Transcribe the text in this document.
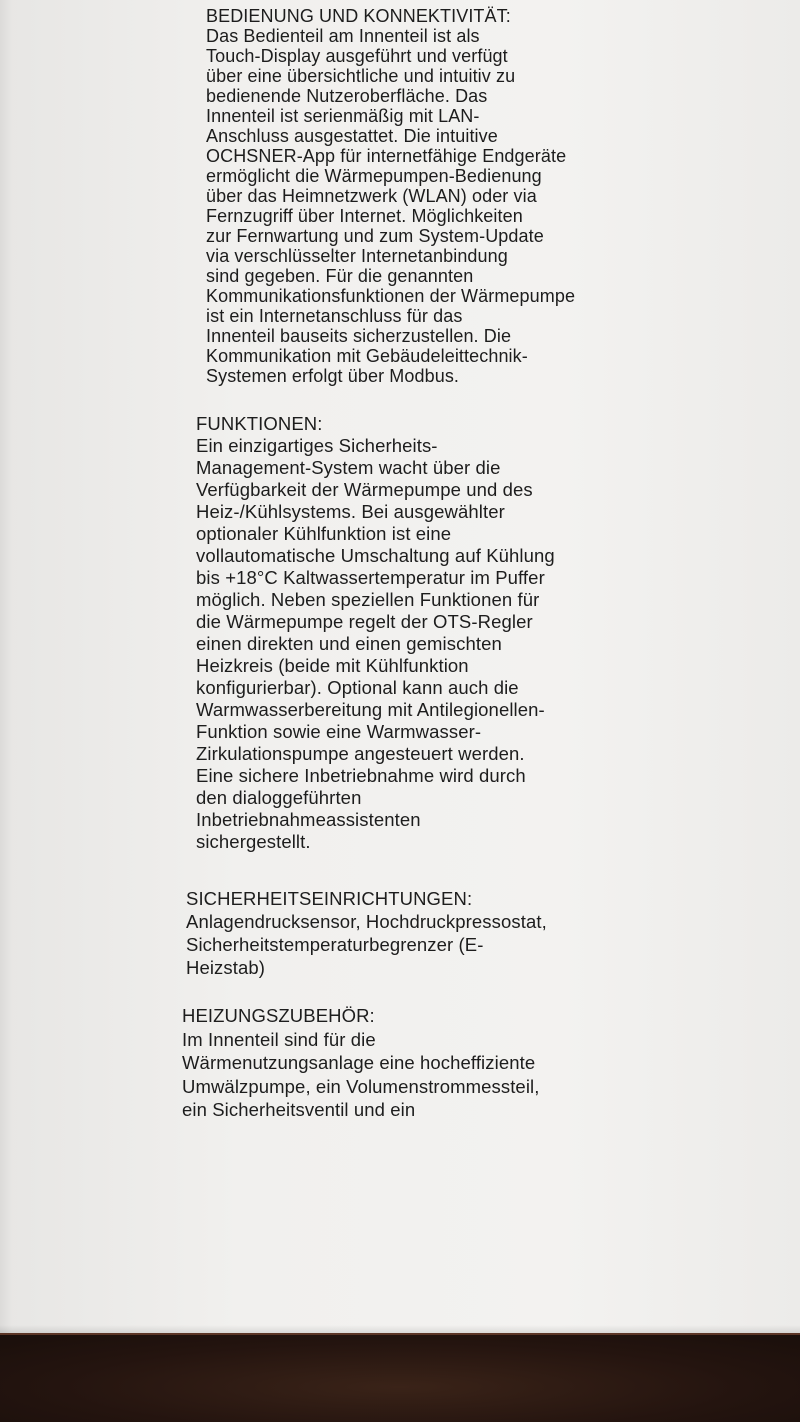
BEDIENUNG UND KONNEKTIVITÄT:
Das Bedienteil am Innenteil ist als
Touch-Display ausgeführt und verfügt
über eine übersichtliche und intuitiv zu
bedienende Nutzeroberfläche. Das
Innenteil ist serienmäßig mit LAN-
Anschluss ausgestattet. Die intuitive
OCHSNER-App für internetfähige Endgeräte
ermöglicht die Wärmepumpen-Bedienung
über das Heimnetzwerk (WLAN) oder via
Fernzugriff über Internet. Möglichkeiten
zur Fernwartung und zum System-Update
via verschlüsselter Internetanbindung
sind gegeben. Für die genannten
Kommunikationsfunktionen der Wärmepumpe
ist ein Internetanschluss für das
Innenteil bauseits sicherzustellen. Die
Kommunikation mit Gebäudeleittechnik-
Systemen erfolgt über Modbus.
FUNKTIONEN:
Ein einzigartiges Sicherheits-
Management-System wacht über die
Verfügbarkeit der Wärmepumpe und des
Heiz-/Kühlsystems. Bei ausgewählter
optionaler Kühlfunktion ist eine
vollautomatische Umschaltung auf Kühlung
bis +18°C Kaltwassertemperatur im Puffer
möglich. Neben speziellen Funktionen für
die Wärmepumpe regelt der OTS-Regler
einen direkten und einen gemischten
Heizkreis (beide mit Kühlfunktion
konfigurierbar). Optional kann auch die
Warmwasserbereitung mit Antilegionellen-
Funktion sowie eine Warmwasser-
Zirkulationspumpe angesteuert werden.
Eine sichere Inbetriebnahme wird durch
den dialoggeführten
Inbetriebnahmeassistenten
sichergestellt.
SICHERHEITSEINRICHTUNGEN:
Anlagendrucksensor, Hochdruckpressostat,
Sicherheitstemperaturbegrenzer (E-
Heizstab)
HEIZUNGSZUBEHÖR:
Im Innenteil sind für die
Wärmenutzungsanlage eine hocheffiziente
Umwälzpumpe, ein Volumenstrommessteil,
ein Sicherheitsventil und ein
